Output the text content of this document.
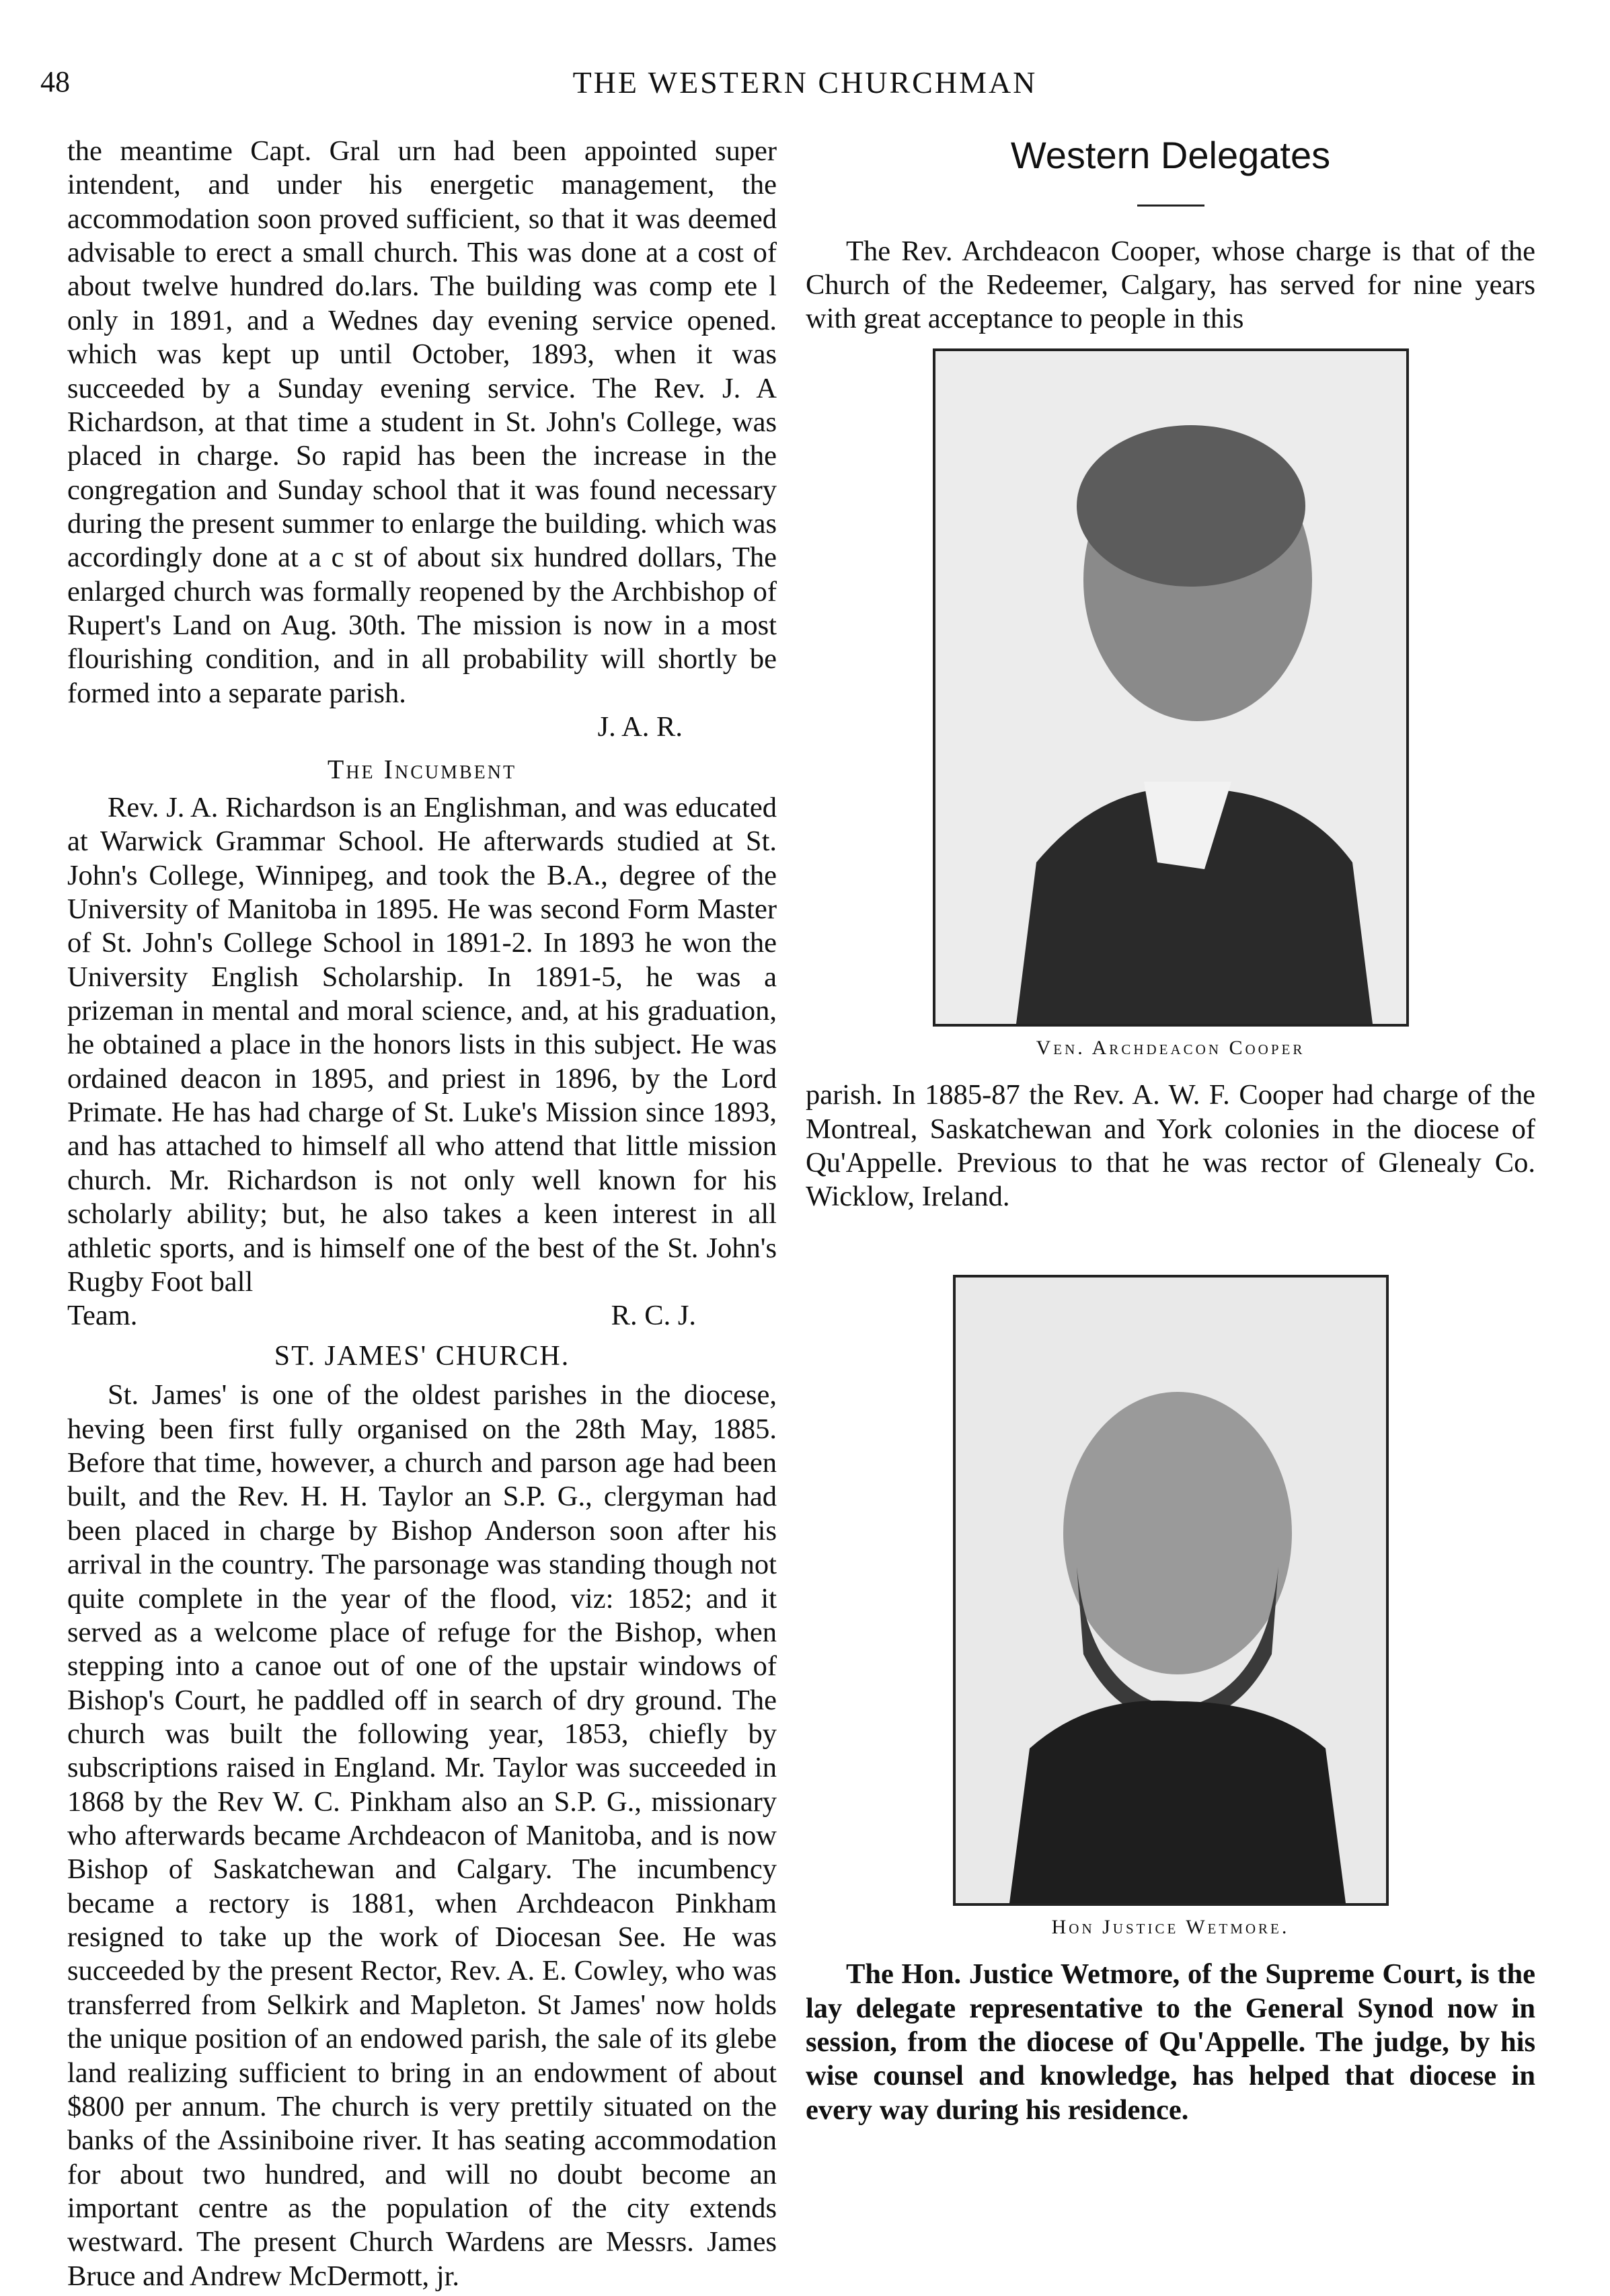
48	THE WESTERN CHURCHMAN

the meantime Capt. Gral urn had been appointed super intendent, and under his energetic management, the accommodation soon proved sufficient, so that it was deemed advisable to erect a small church. This was done at a cost of about twelve hundred do.lars. The building was comp ete l only in 1891, and a Wednes day evening service opened. which was kept up until October, 1893, when it was succeeded by a Sunday evening service. The Rev. J. A Richardson, at that time a student in St. John's College, was placed in charge. So rapid has been the increase in the congregation and Sunday school that it was found necessary during the present summer to enlarge the building. which was accordingly done at a c st of about six hundred dollars, The enlarged church was formally reopened by the Archbishop of Rupert's Land on Aug. 30th. The mission is now in a most flourishing condition, and in all probability will shortly be formed into a separate parish.

J. A. R.
The Incumbent

Rev. J. A. Richardson is an Englishman, and was educated at Warwick Grammar School. He afterwards studied at St. John's College, Winnipeg, and took the B.A., degree of the University of Manitoba in 1895. He was second Form Master of St. John's College School in 1891-2. In 1893 he won the University English Scholarship. In 1891-5, he was a prizeman in mental and moral science, and, at his graduation, he obtained a place in the honors lists in this subject. He was ordained deacon in 1895, and priest in 1896, by the Lord Primate. He has had charge of St. Luke's Mission since 1893, and has attached to himself all who attend that little mission church. Mr. Richardson is not only well known for his scholarly ability; but, he also takes a keen interest in all athletic sports, and is himself one of the best of the St. John's Rugby Foot ball

Team.	R. C. J.
ST. JAMES' CHURCH.

St. James' is one of the oldest parishes in the diocese, heving been first fully organised on the 28th May, 1885. Before that time, however, a church and parson age had been built, and the Rev. H. H. Taylor an S.P. G., clergyman had been placed in charge by Bishop Anderson soon after his arrival in the country. The parsonage was standing though not quite complete in the year of the flood, viz: 1852; and it served as a welcome place of refuge for the Bishop, when stepping into a canoe out of one of the upstair windows of Bishop's Court, he paddled off in search of dry ground. The church was built the following year, 1853, chiefly by subscriptions raised in England. Mr. Taylor was succeeded in 1868 by the Rev W. C. Pinkham also an S.P. G., missionary who afterwards became Archdeacon of Manitoba, and is now Bishop of Saskatchewan and Calgary. The incumbency became a rectory is 1881, when Archdeacon Pinkham resigned to take up the work of Diocesan See. He was succeeded by the present Rector, Rev. A. E. Cowley, who was transferred from Selkirk and Mapleton. St James' now holds the unique position of an endowed parish, the sale of its glebe land realizing sufficient to bring in an endowment of about $800 per annum. The church is very prettily situated on the banks of the Assiniboine river. It has seating accommodation for about two hundred, and will no doubt become an important centre as the population of the city extends westward. The present Church Wardens are Messrs. James Bruce and Andrew McDermott, jr.

Western Delegates

The Rev. Archdeacon Cooper, whose charge is that of the Church of the Redeemer, Calgary, has served for nine years with great acceptance to people in this

Ven. Archdeacon Cooper

parish. In 1885-87 the Rev. A. W. F. Cooper had charge of the Montreal, Saskatchewan and York colonies in the diocese of Qu'Appelle. Previous to that he was rector of Glenealy Co. Wicklow, Ireland.

Hon Justice Wetmore.

The Hon. Justice Wetmore, of the Supreme Court, is the lay delegate representative to the General Synod now in session, from the diocese of Qu'Appelle. The judge, by his wise counsel and knowledge, has helped that diocese in every way during his residence.
